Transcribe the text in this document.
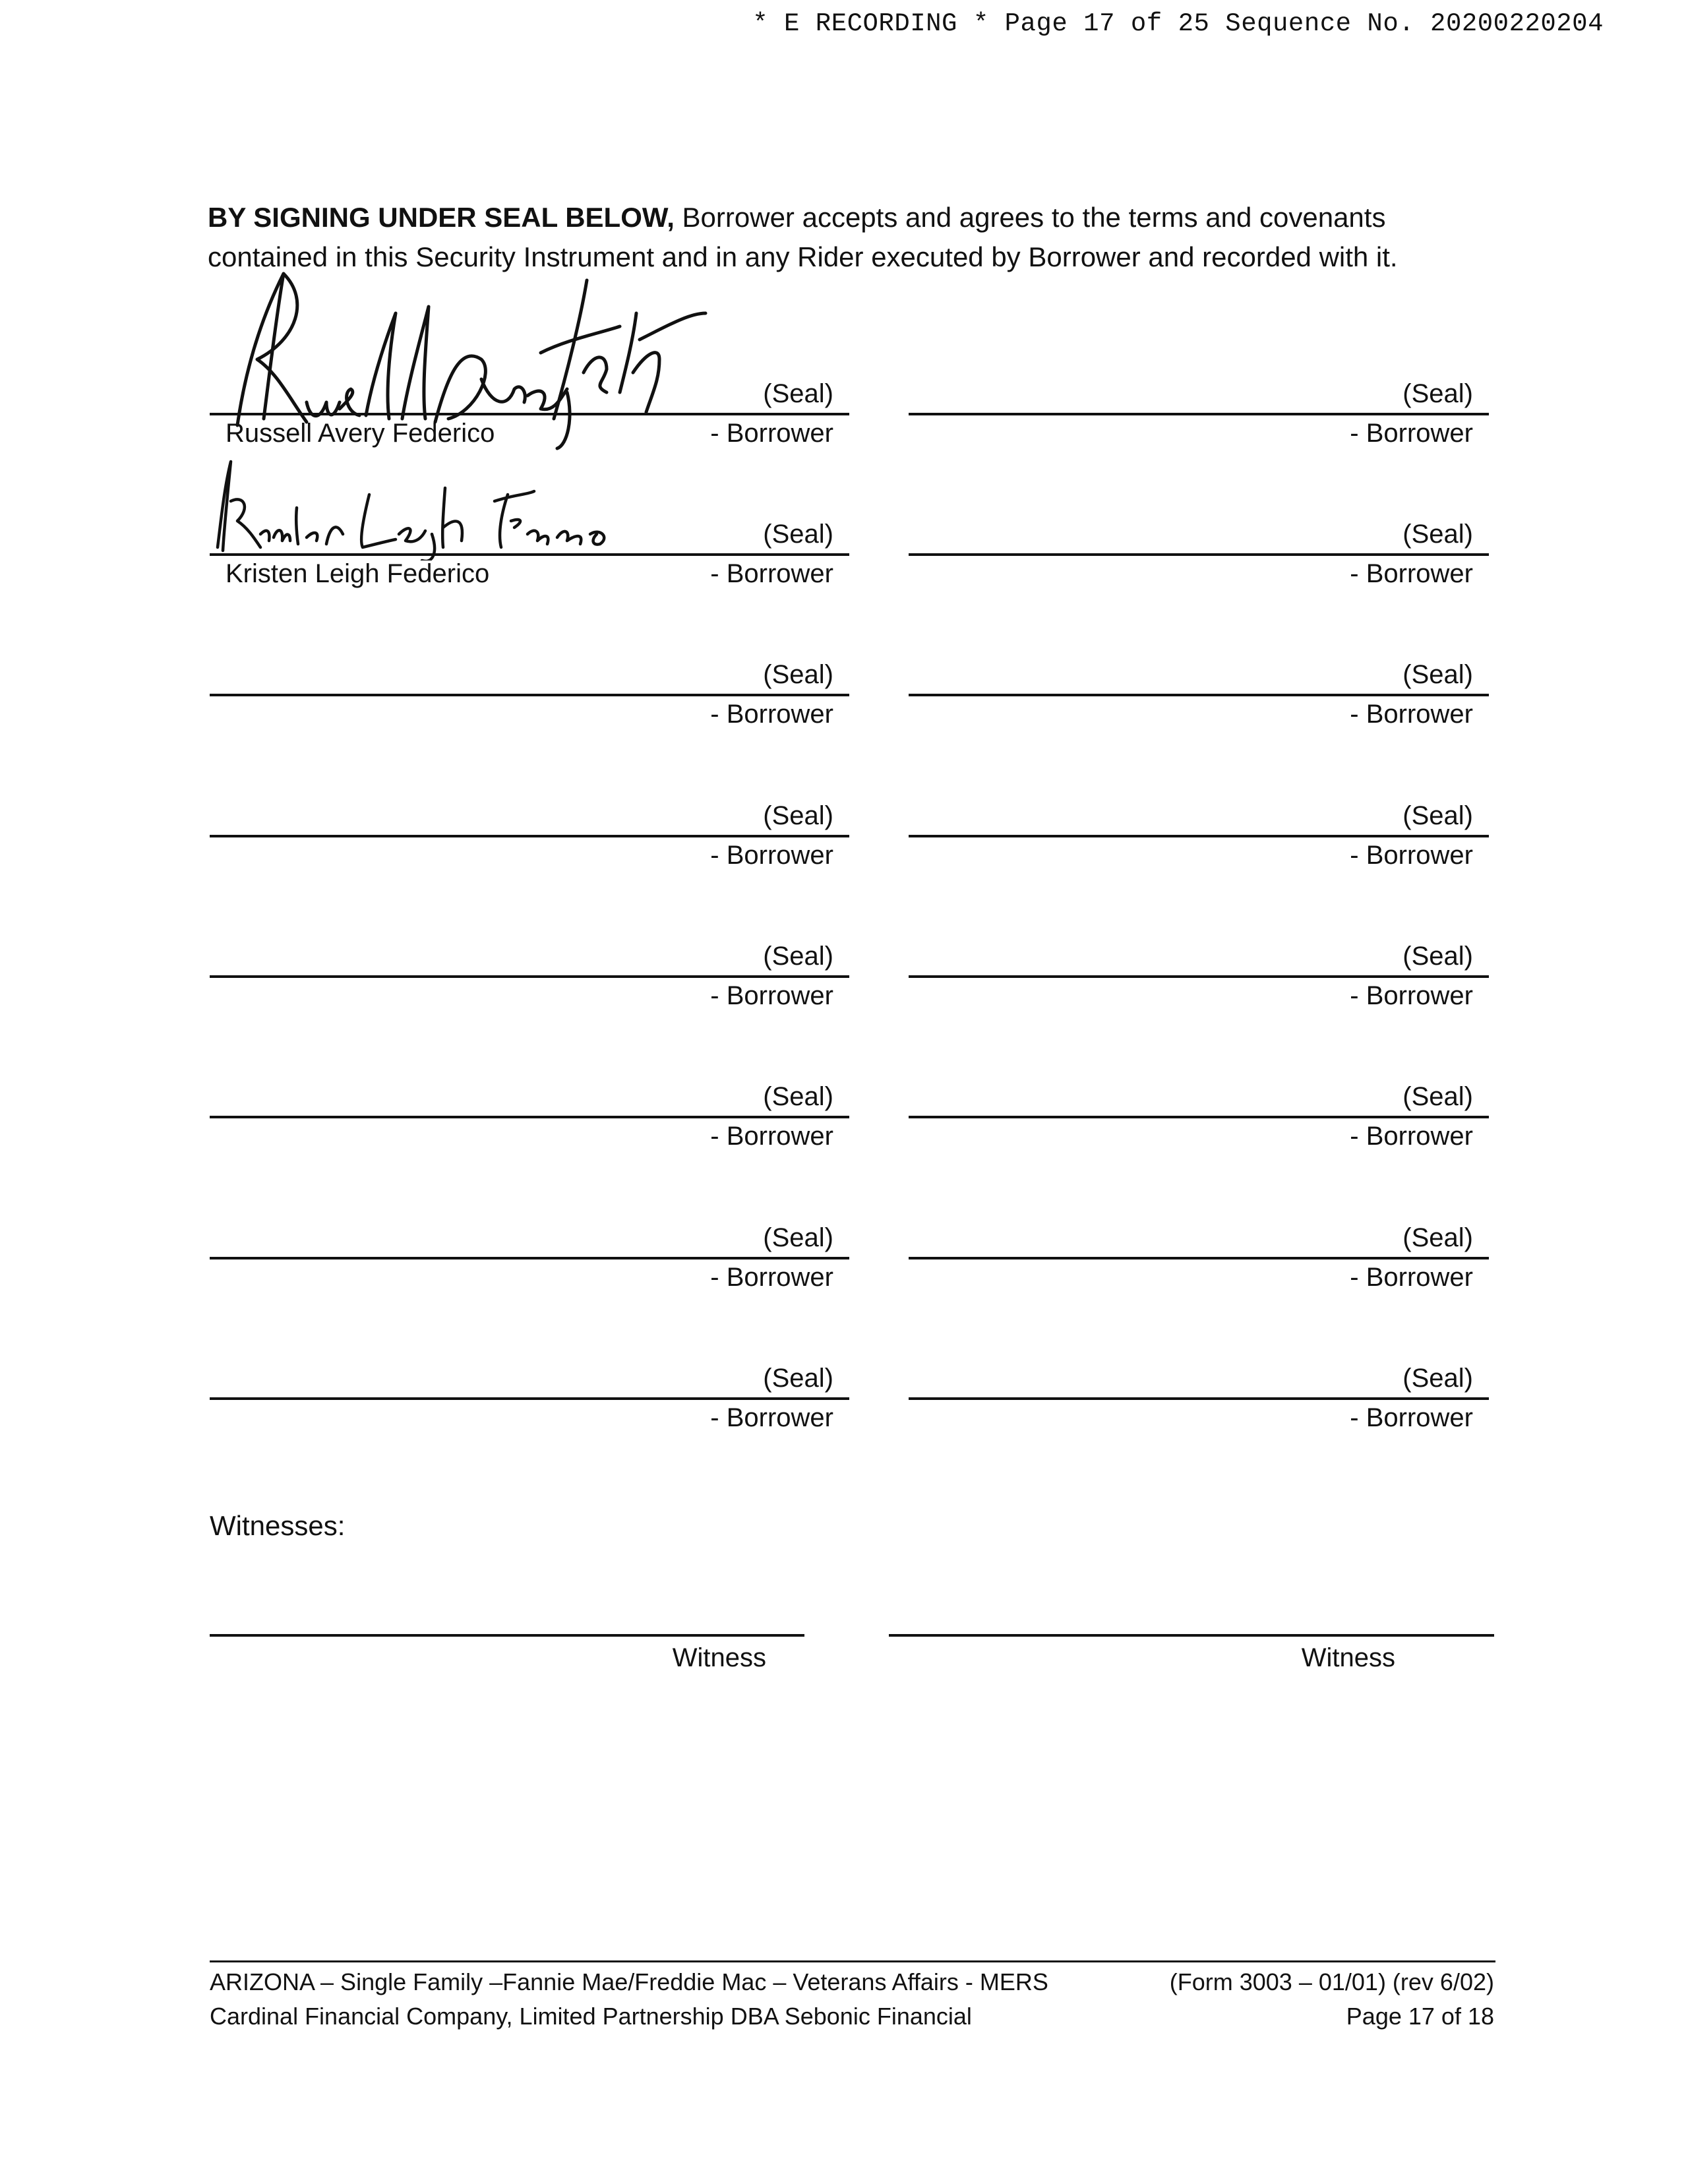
* E RECORDING * Page 17 of 25 Sequence No. 20200220204
BY SIGNING UNDER SEAL BELOW, Borrower accepts and agrees to the terms and covenants contained in this Security Instrument and in any Rider executed by Borrower and recorded with it.
(Seal)
- Borrower
Russell Avery Federico
(Seal)
- Borrower
(Seal)
- Borrower
Kristen Leigh Federico
(Seal)
- Borrower
(Seal)
- Borrower
(Seal)
- Borrower
(Seal)
- Borrower
(Seal)
- Borrower
(Seal)
- Borrower
(Seal)
- Borrower
(Seal)
- Borrower
(Seal)
- Borrower
(Seal)
- Borrower
(Seal)
- Borrower
(Seal)
- Borrower
(Seal)
- Borrower
Witnesses:
Witness	Witness
ARIZONA – Single Family –Fannie Mae/Freddie Mac – Veterans Affairs - MERS
Cardinal Financial Company, Limited Partnership DBA Sebonic Financial
(Form 3003 – 01/01) (rev 6/02)
Page 17 of 18
